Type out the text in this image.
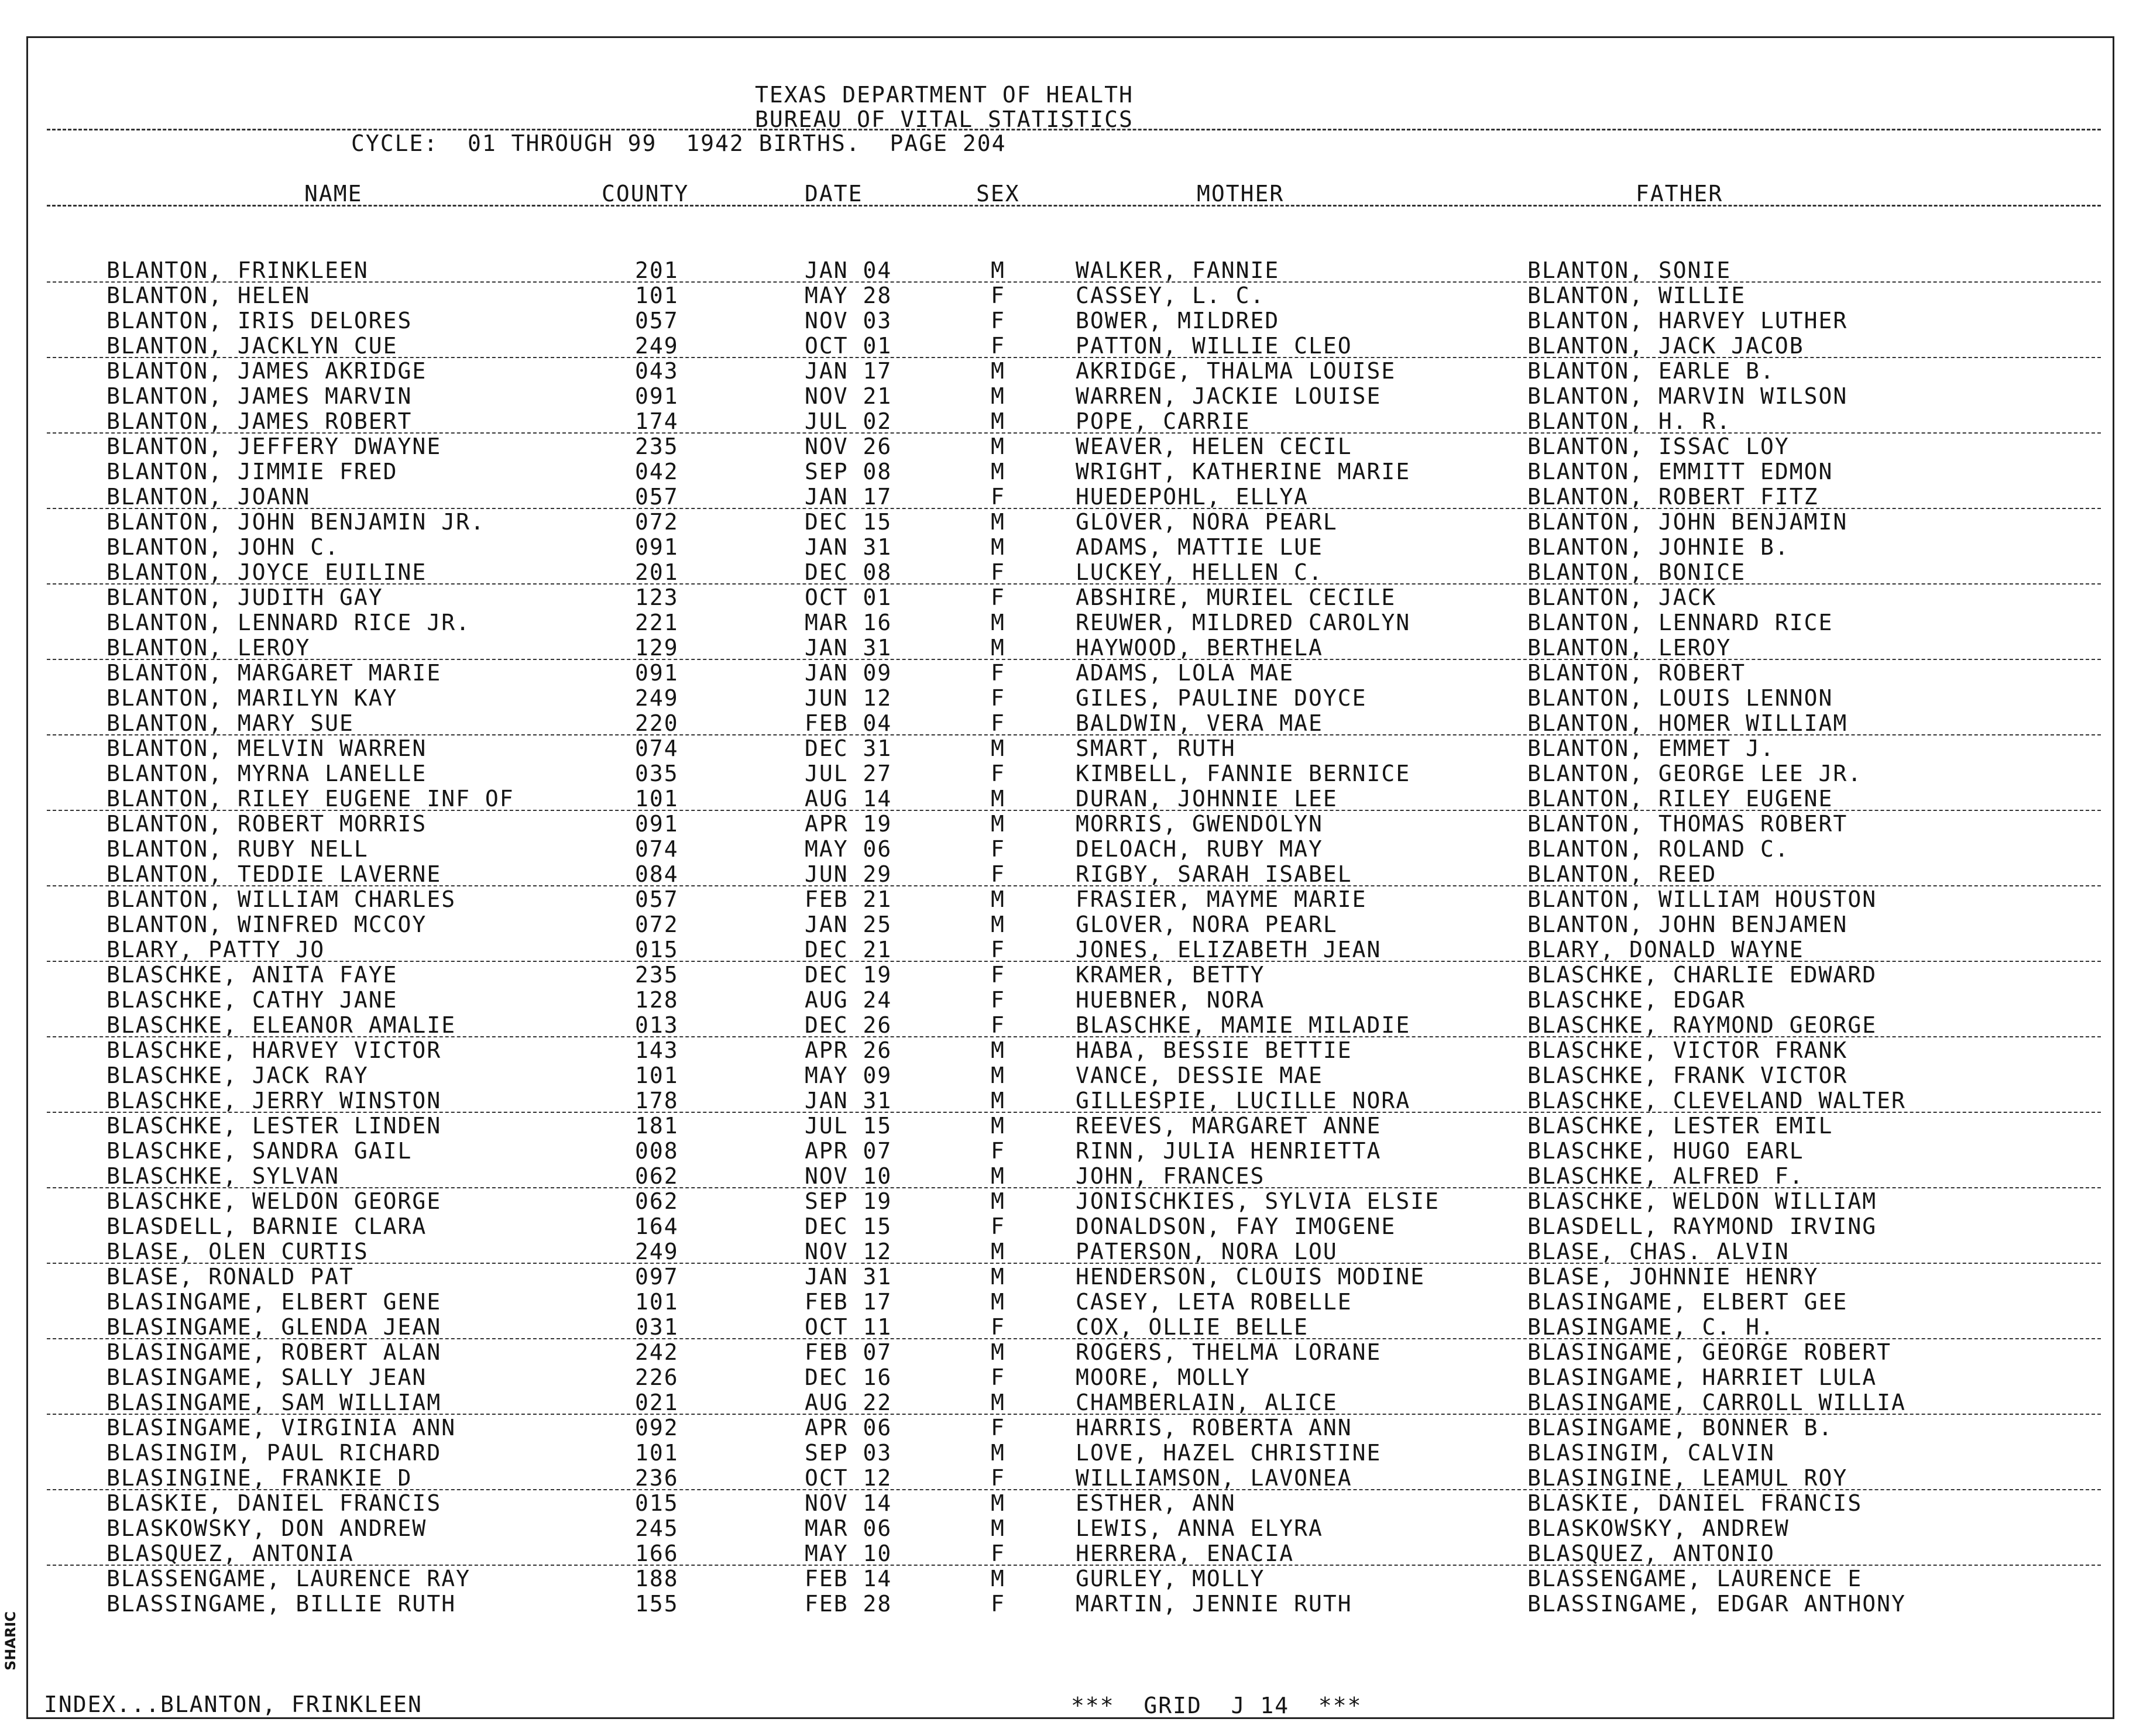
TEXAS DEPARTMENT OF HEALTH
BUREAU OF VITAL STATISTICS
CYCLE:  01 THROUGH 99  1942 BIRTHS.  PAGE 204
NAME	COUNTY	DATE	SEX	MOTHER	FATHER
BLANTON, FRINKLEEN	201	JAN 04	M	WALKER, FANNIE	BLANTON, SONIE
BLANTON, HELEN	101	MAY 28	F	CASSEY, L. C.	BLANTON, WILLIE
BLANTON, IRIS DELORES	057	NOV 03	F	BOWER, MILDRED	BLANTON, HARVEY LUTHER
BLANTON, JACKLYN CUE	249	OCT 01	F	PATTON, WILLIE CLEO	BLANTON, JACK JACOB
BLANTON, JAMES AKRIDGE	043	JAN 17	M	AKRIDGE, THALMA LOUISE	BLANTON, EARLE B.
BLANTON, JAMES MARVIN	091	NOV 21	M	WARREN, JACKIE LOUISE	BLANTON, MARVIN WILSON
BLANTON, JAMES ROBERT	174	JUL 02	M	POPE, CARRIE	BLANTON, H. R.
BLANTON, JEFFERY DWAYNE	235	NOV 26	M	WEAVER, HELEN CECIL	BLANTON, ISSAC LOY
BLANTON, JIMMIE FRED	042	SEP 08	M	WRIGHT, KATHERINE MARIE	BLANTON, EMMITT EDMON
BLANTON, JOANN	057	JAN 17	F	HUEDEPOHL, ELLYA	BLANTON, ROBERT FITZ
BLANTON, JOHN BENJAMIN JR.	072	DEC 15	M	GLOVER, NORA PEARL	BLANTON, JOHN BENJAMIN
BLANTON, JOHN C.	091	JAN 31	M	ADAMS, MATTIE LUE	BLANTON, JOHNIE B.
BLANTON, JOYCE EUILINE	201	DEC 08	F	LUCKEY, HELLEN C.	BLANTON, BONICE
BLANTON, JUDITH GAY	123	OCT 01	F	ABSHIRE, MURIEL CECILE	BLANTON, JACK
BLANTON, LENNARD RICE JR.	221	MAR 16	M	REUWER, MILDRED CAROLYN	BLANTON, LENNARD RICE
BLANTON, LEROY	129	JAN 31	M	HAYWOOD, BERTHELA	BLANTON, LEROY
BLANTON, MARGARET MARIE	091	JAN 09	F	ADAMS, LOLA MAE	BLANTON, ROBERT
BLANTON, MARILYN KAY	249	JUN 12	F	GILES, PAULINE DOYCE	BLANTON, LOUIS LENNON
BLANTON, MARY SUE	220	FEB 04	F	BALDWIN, VERA MAE	BLANTON, HOMER WILLIAM
BLANTON, MELVIN WARREN	074	DEC 31	M	SMART, RUTH	BLANTON, EMMET J.
BLANTON, MYRNA LANELLE	035	JUL 27	F	KIMBELL, FANNIE BERNICE	BLANTON, GEORGE LEE JR.
BLANTON, RILEY EUGENE INF OF	101	AUG 14	M	DURAN, JOHNNIE LEE	BLANTON, RILEY EUGENE
BLANTON, ROBERT MORRIS	091	APR 19	M	MORRIS, GWENDOLYN	BLANTON, THOMAS ROBERT
BLANTON, RUBY NELL	074	MAY 06	F	DELOACH, RUBY MAY	BLANTON, ROLAND C.
BLANTON, TEDDIE LAVERNE	084	JUN 29	F	RIGBY, SARAH ISABEL	BLANTON, REED
BLANTON, WILLIAM CHARLES	057	FEB 21	M	FRASIER, MAYME MARIE	BLANTON, WILLIAM HOUSTON
BLANTON, WINFRED MCCOY	072	JAN 25	M	GLOVER, NORA PEARL	BLANTON, JOHN BENJAMEN
BLARY, PATTY JO	015	DEC 21	F	JONES, ELIZABETH JEAN	BLARY, DONALD WAYNE
BLASCHKE, ANITA FAYE	235	DEC 19	F	KRAMER, BETTY	BLASCHKE, CHARLIE EDWARD
BLASCHKE, CATHY JANE	128	AUG 24	F	HUEBNER, NORA	BLASCHKE, EDGAR
BLASCHKE, ELEANOR AMALIE	013	DEC 26	F	BLASCHKE, MAMIE MILADIE	BLASCHKE, RAYMOND GEORGE
BLASCHKE, HARVEY VICTOR	143	APR 26	M	HABA, BESSIE BETTIE	BLASCHKE, VICTOR FRANK
BLASCHKE, JACK RAY	101	MAY 09	M	VANCE, DESSIE MAE	BLASCHKE, FRANK VICTOR
BLASCHKE, JERRY WINSTON	178	JAN 31	M	GILLESPIE, LUCILLE NORA	BLASCHKE, CLEVELAND WALTER
BLASCHKE, LESTER LINDEN	181	JUL 15	M	REEVES, MARGARET ANNE	BLASCHKE, LESTER EMIL
BLASCHKE, SANDRA GAIL	008	APR 07	F	RINN, JULIA HENRIETTA	BLASCHKE, HUGO EARL
BLASCHKE, SYLVAN	062	NOV 10	M	JOHN, FRANCES	BLASCHKE, ALFRED F.
BLASCHKE, WELDON GEORGE	062	SEP 19	M	JONISCHKIES, SYLVIA ELSIE	BLASCHKE, WELDON WILLIAM
BLASDELL, BARNIE CLARA	164	DEC 15	F	DONALDSON, FAY IMOGENE	BLASDELL, RAYMOND IRVING
BLASE, OLEN CURTIS	249	NOV 12	M	PATERSON, NORA LOU	BLASE, CHAS. ALVIN
BLASE, RONALD PAT	097	JAN 31	M	HENDERSON, CLOUIS MODINE	BLASE, JOHNNIE HENRY
BLASINGAME, ELBERT GENE	101	FEB 17	M	CASEY, LETA ROBELLE	BLASINGAME, ELBERT GEE
BLASINGAME, GLENDA JEAN	031	OCT 11	F	COX, OLLIE BELLE	BLASINGAME, C. H.
BLASINGAME, ROBERT ALAN	242	FEB 07	M	ROGERS, THELMA LORANE	BLASINGAME, GEORGE ROBERT
BLASINGAME, SALLY JEAN	226	DEC 16	F	MOORE, MOLLY	BLASINGAME, HARRIET LULA
BLASINGAME, SAM WILLIAM	021	AUG 22	M	CHAMBERLAIN, ALICE	BLASINGAME, CARROLL WILLIA
BLASINGAME, VIRGINIA ANN	092	APR 06	F	HARRIS, ROBERTA ANN	BLASINGAME, BONNER B.
BLASINGIM, PAUL RICHARD	101	SEP 03	M	LOVE, HAZEL CHRISTINE	BLASINGIM, CALVIN
BLASINGINE, FRANKIE D	236	OCT 12	F	WILLIAMSON, LAVONEA	BLASINGINE, LEAMUL ROY
BLASKIE, DANIEL FRANCIS	015	NOV 14	M	ESTHER, ANN	BLASKIE, DANIEL FRANCIS
BLASKOWSKY, DON ANDREW	245	MAR 06	M	LEWIS, ANNA ELYRA	BLASKOWSKY, ANDREW
BLASQUEZ, ANTONIA	166	MAY 10	F	HERRERA, ENACIA	BLASQUEZ, ANTONIO
BLASSENGAME, LAURENCE RAY	188	FEB 14	M	GURLEY, MOLLY	BLASSENGAME, LAURENCE E
BLASSINGAME, BILLIE RUTH	155	FEB 28	F	MARTIN, JENNIE RUTH	BLASSINGAME, EDGAR ANTHONY
INDEX...BLANTON, FRINKLEEN	***  GRID  J 14  ***
SHARIC
